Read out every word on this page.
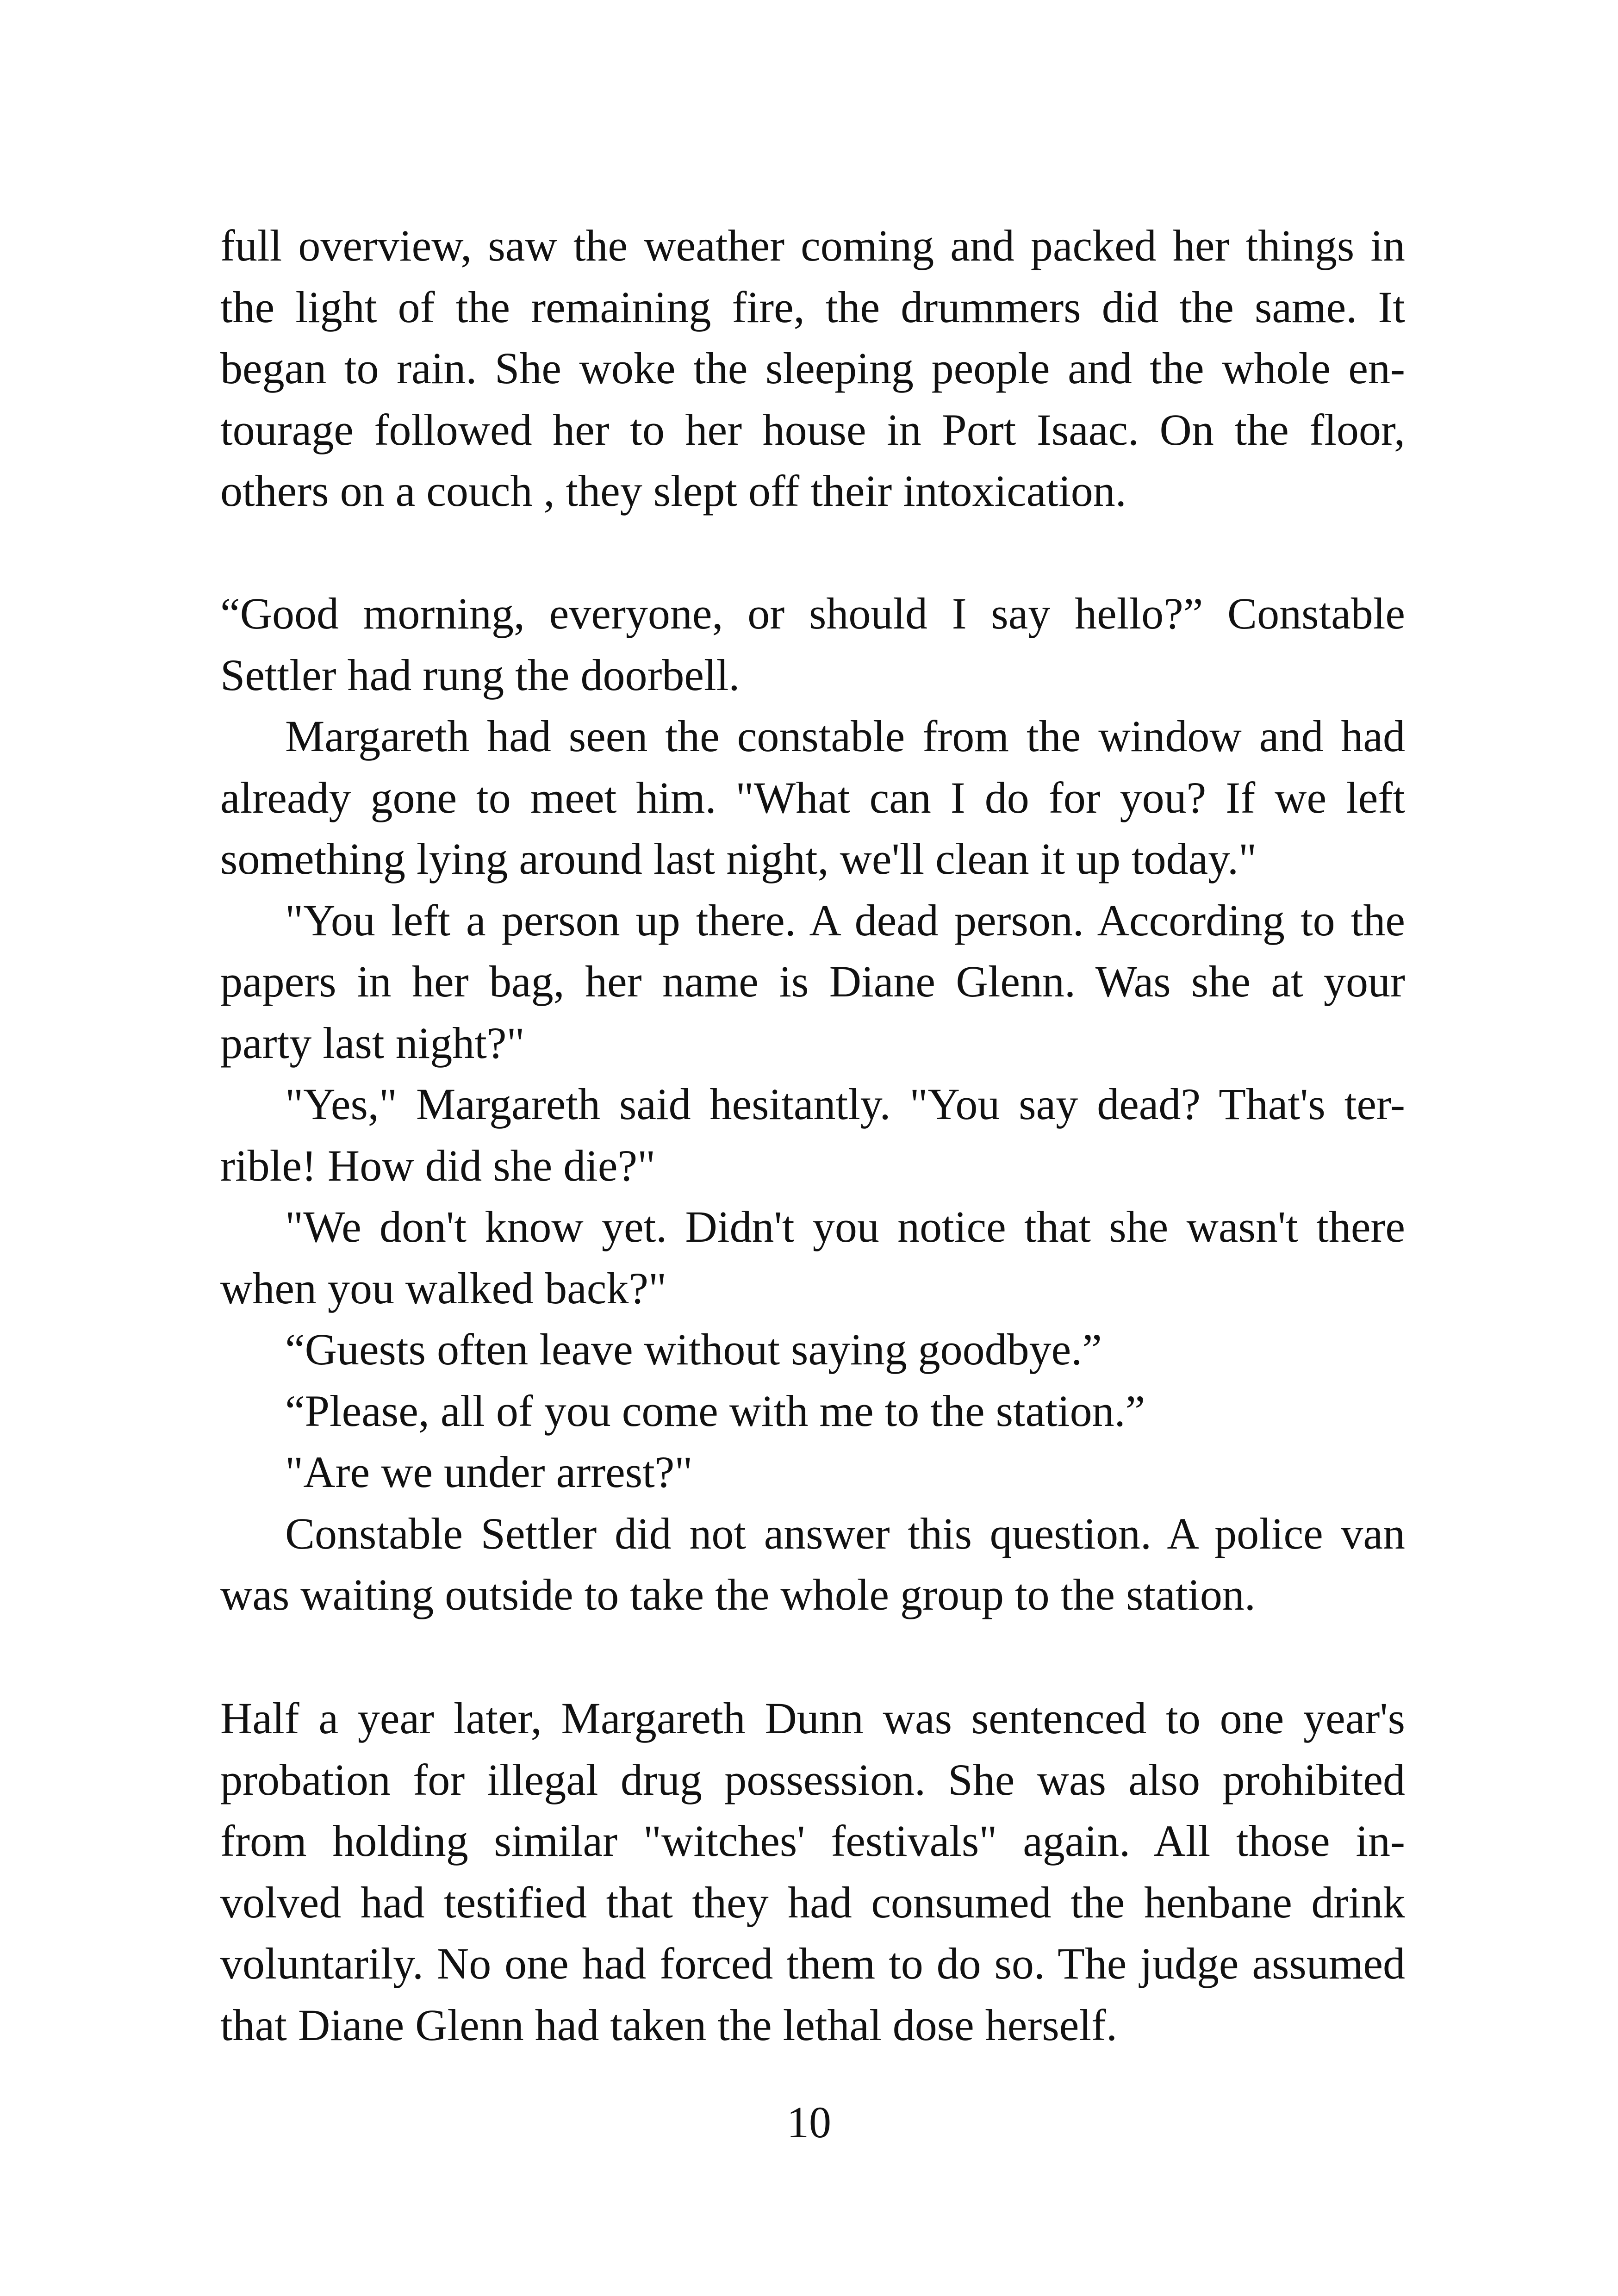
full overview, saw the weather coming and packed her things in
the light of the remaining fire, the drummers did the same. It
began to rain. She woke the sleeping people and the whole en-
tourage followed her to her house in Port Isaac. On the floor,
others on a couch , they slept off their intoxication.
“Good morning, everyone, or should I say hello?” Constable
Settler had rung the doorbell.
Margareth had seen the constable from the window and had
already gone to meet him. "What can I do for you? If we left
something lying around last night, we'll clean it up today."
"You left a person up there. A dead person. According to the
papers in her bag, her name is Diane Glenn. Was she at your
party last night?"
"Yes," Margareth said hesitantly. "You say dead? That's ter-
rible! How did she die?"
"We don't know yet. Didn't you notice that she wasn't there
when you walked back?"
“Guests often leave without saying goodbye.”
“Please, all of you come with me to the station.”
"Are we under arrest?"
Constable Settler did not answer this question. A police van
was waiting outside to take the whole group to the station.
Half a year later, Margareth Dunn was sentenced to one year's
probation for illegal drug possession. She was also prohibited
from holding similar "witches' festivals" again. All those in-
volved had testified that they had consumed the henbane drink
voluntarily. No one had forced them to do so. The judge assumed
that Diane Glenn had taken the lethal dose herself.
10
